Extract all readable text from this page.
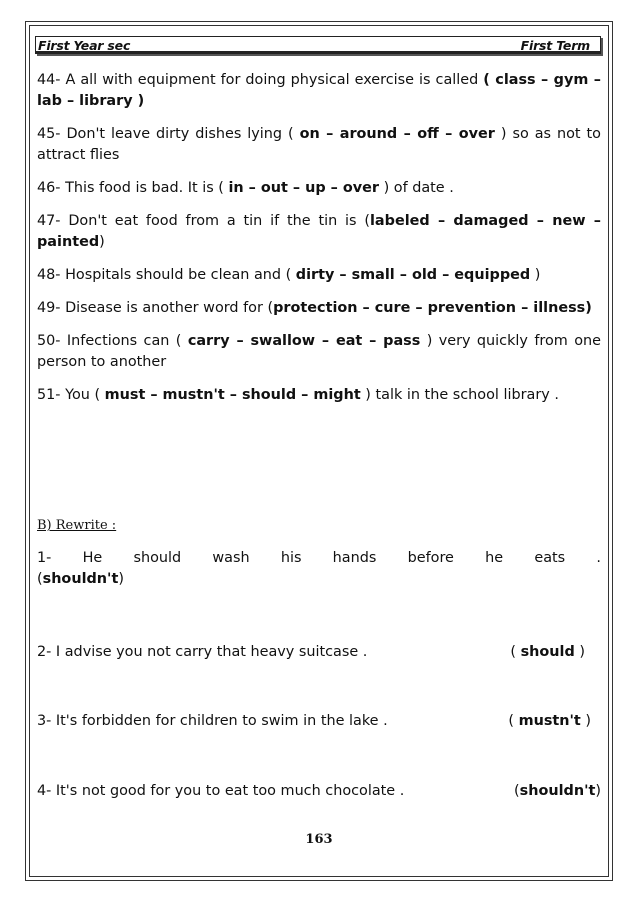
First Year sec	First Term

44- A all with equipment for doing physical exercise is called ( class – gym – lab – library )

45- Don't leave dirty dishes lying ( on – around – off – over ) so as not to attract flies

46- This food is bad. It is ( in – out – up – over ) of date .

47- Don't eat food from a tin if the tin is (labeled – damaged – new – painted)

48- Hospitals should be clean and ( dirty – small – old – equipped )

49- Disease is another word for (protection – cure – prevention – illness)

50- Infections can ( carry – swallow – eat – pass ) very quickly from one person to another

51- You ( must – mustn't – should – might ) talk in the school library .

B) Rewrite :
1- He should wash his hands before he eats .
(shouldn't)
2- I advise you not carry that heavy suitcase .	( should )
3- It's forbidden for children to swim in the lake .	( mustn't )
4- It's not good for you to eat too much chocolate .	(shouldn't)
163
